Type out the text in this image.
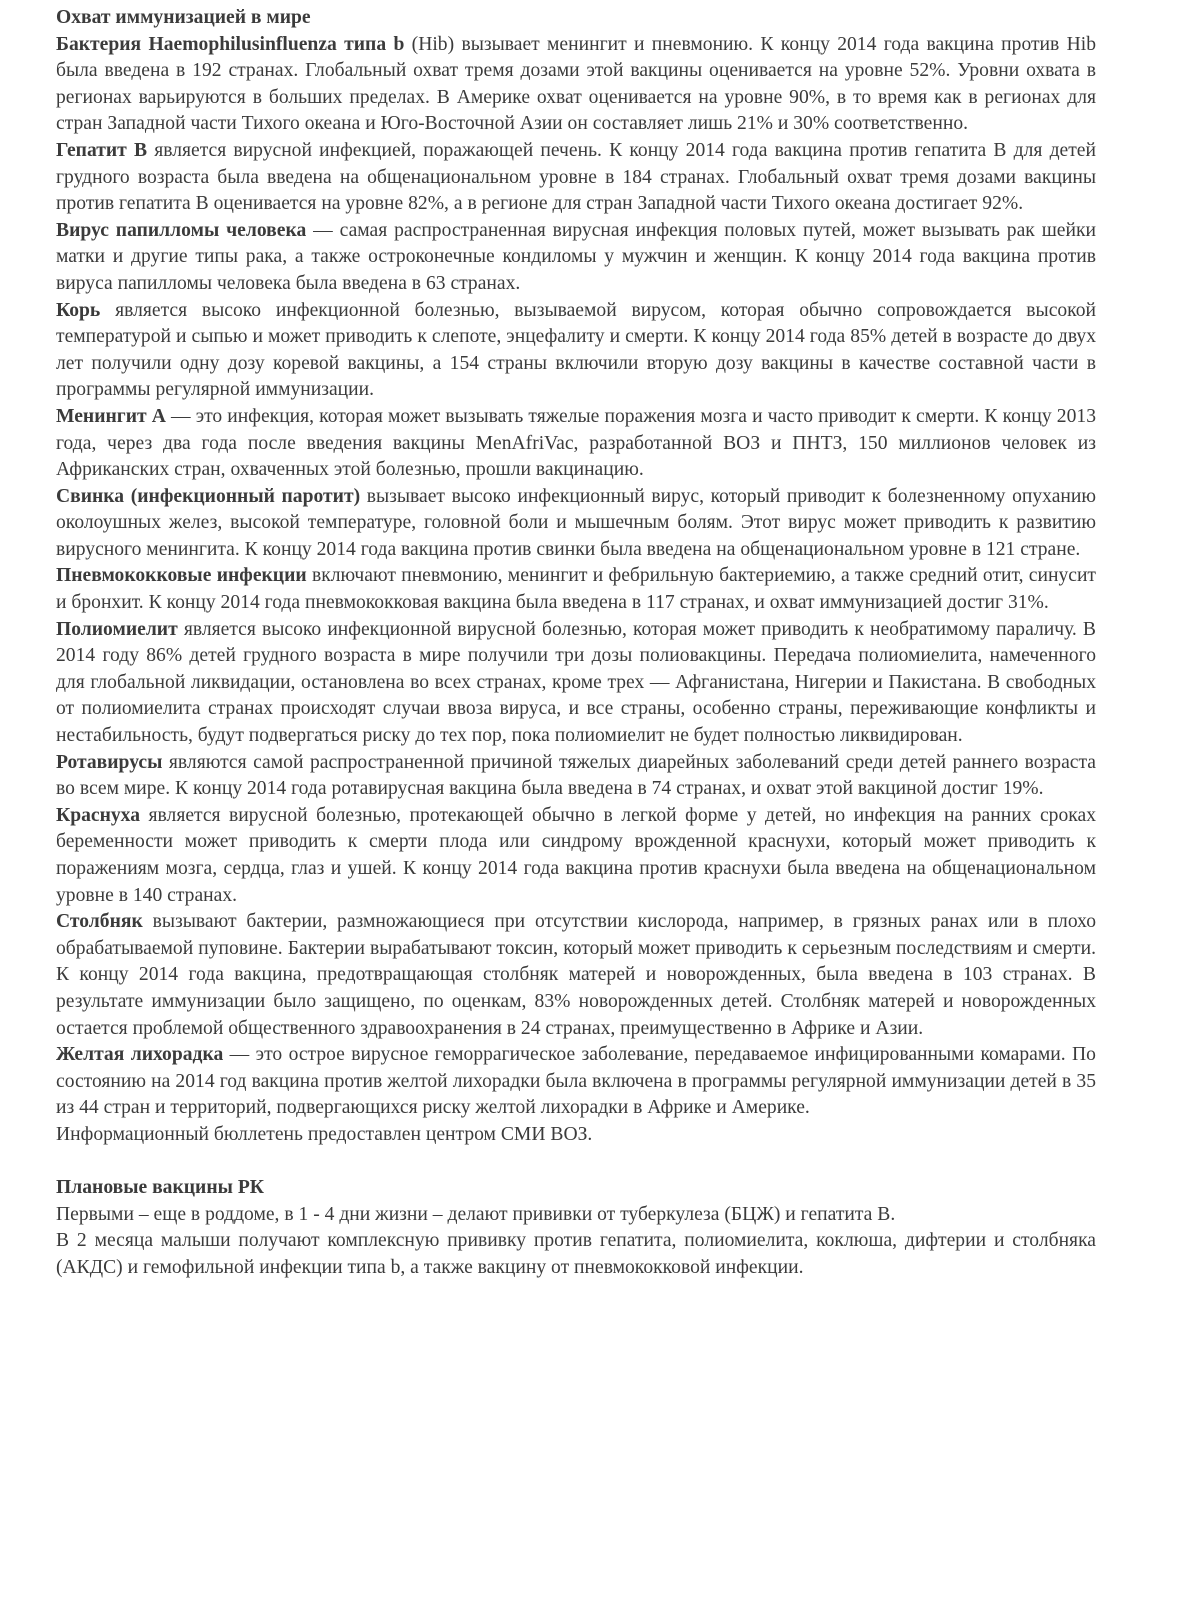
Охват иммунизацией в мире

Бактерия Haemophilusinfluenza типа b (Hib) вызывает менингит и пневмонию. К концу 2014 года вакцина против Hib была введена в 192 странах. Глобальный охват тремя дозами этой вакцины оценивается на уровне 52%. Уровни охвата в регионах варьируются в больших пределах. В Америке охват оценивается на уровне 90%, в то время как в регионах для стран Западной части Тихого океана и Юго-Восточной Азии он составляет лишь 21% и 30% соответственно.

Гепатит B является вирусной инфекцией, поражающей печень. К концу 2014 года вакцина против гепатита B для детей грудного возраста была введена на общенациональном уровне в 184 странах. Глобальный охват тремя дозами вакцины против гепатита B оценивается на уровне 82%, а в регионе для стран Западной части Тихого океана достигает 92%.

Вирус папилломы человека — самая распространенная вирусная инфекция половых путей, может вызывать рак шейки матки и другие типы рака, а также остроконечные кондиломы у мужчин и женщин. К концу 2014 года вакцина против вируса папилломы человека была введена в 63 странах.

Корь является высоко инфекционной болезнью, вызываемой вирусом, которая обычно сопровождается высокой температурой и сыпью и может приводить к слепоте, энцефалиту и смерти. К концу 2014 года 85% детей в возрасте до двух лет получили одну дозу коревой вакцины, а 154 страны включили вторую дозу вакцины в качестве составной части в программы регулярной иммунизации.

Менингит A — это инфекция, которая может вызывать тяжелые поражения мозга и часто приводит к смерти. К концу 2013 года, через два года после введения вакцины MenAfriVac, разработанной ВОЗ и ПНТЗ, 150 миллионов человек из Африканских стран, охваченных этой болезнью, прошли вакцинацию.

Свинка (инфекционный паротит) вызывает высоко инфекционный вирус, который приводит к болезненному опуханию околоушных желез, высокой температуре, головной боли и мышечным болям. Этот вирус может приводить к развитию вирусного менингита. К концу 2014 года вакцина против свинки была введена на общенациональном уровне в 121 стране.

Пневмококковые инфекции включают пневмонию, менингит и фебрильную бактериемию, а также средний отит, синусит и бронхит. К концу 2014 года пневмококковая вакцина была введена в 117 странах, и охват иммунизацией достиг 31%.

Полиомиелит является высоко инфекционной вирусной болезнью, которая может приводить к необратимому параличу. В 2014 году 86% детей грудного возраста в мире получили три дозы полиовакцины. Передача полиомиелита, намеченного для глобальной ликвидации, остановлена во всех странах, кроме трех — Афганистана, Нигерии и Пакистана. В свободных от полиомиелита странах происходят случаи ввоза вируса, и все страны, особенно страны, переживающие конфликты и нестабильность, будут подвергаться риску до тех пор, пока полиомиелит не будет полностью ликвидирован.

Ротавирусы являются самой распространенной причиной тяжелых диарейных заболеваний среди детей раннего возраста во всем мире. К концу 2014 года ротавирусная вакцина была введена в 74 странах, и охват этой вакциной достиг 19%.

Краснуха является вирусной болезнью, протекающей обычно в легкой форме у детей, но инфекция на ранних сроках беременности может приводить к смерти плода или синдрому врожденной краснухи, который может приводить к поражениям мозга, сердца, глаз и ушей. К концу 2014 года вакцина против краснухи была введена на общенациональном уровне в 140 странах.

Столбняк вызывают бактерии, размножающиеся при отсутствии кислорода, например, в грязных ранах или в плохо обрабатываемой пуповине. Бактерии вырабатывают токсин, который может приводить к серьезным последствиям и смерти. К концу 2014 года вакцина, предотвращающая столбняк матерей и новорожденных, была введена в 103 странах. В результате иммунизации было защищено, по оценкам, 83% новорожденных детей. Столбняк матерей и новорожденных остается проблемой общественного здравоохранения в 24 странах, преимущественно в Африке и Азии.

Желтая лихорадка — это острое вирусное геморрагическое заболевание, передаваемое инфицированными комарами. По состоянию на 2014 год вакцина против желтой лихорадки была включена в программы регулярной иммунизации детей в 35 из 44 стран и территорий, подвергающихся риску желтой лихорадки в Африке и Америке.

Информационный бюллетень предоставлен центром СМИ ВОЗ.

Плановые вакцины РК

Первыми – еще в роддоме, в 1 - 4 дни жизни – делают прививки от туберкулеза (БЦЖ) и гепатита В.

В 2 месяца малыши получают комплексную прививку против гепатита, полиомиелита, коклюша, дифтерии и столбняка (АКДС) и гемофильной инфекции типа b, а также вакцину от пневмококковой инфекции.
